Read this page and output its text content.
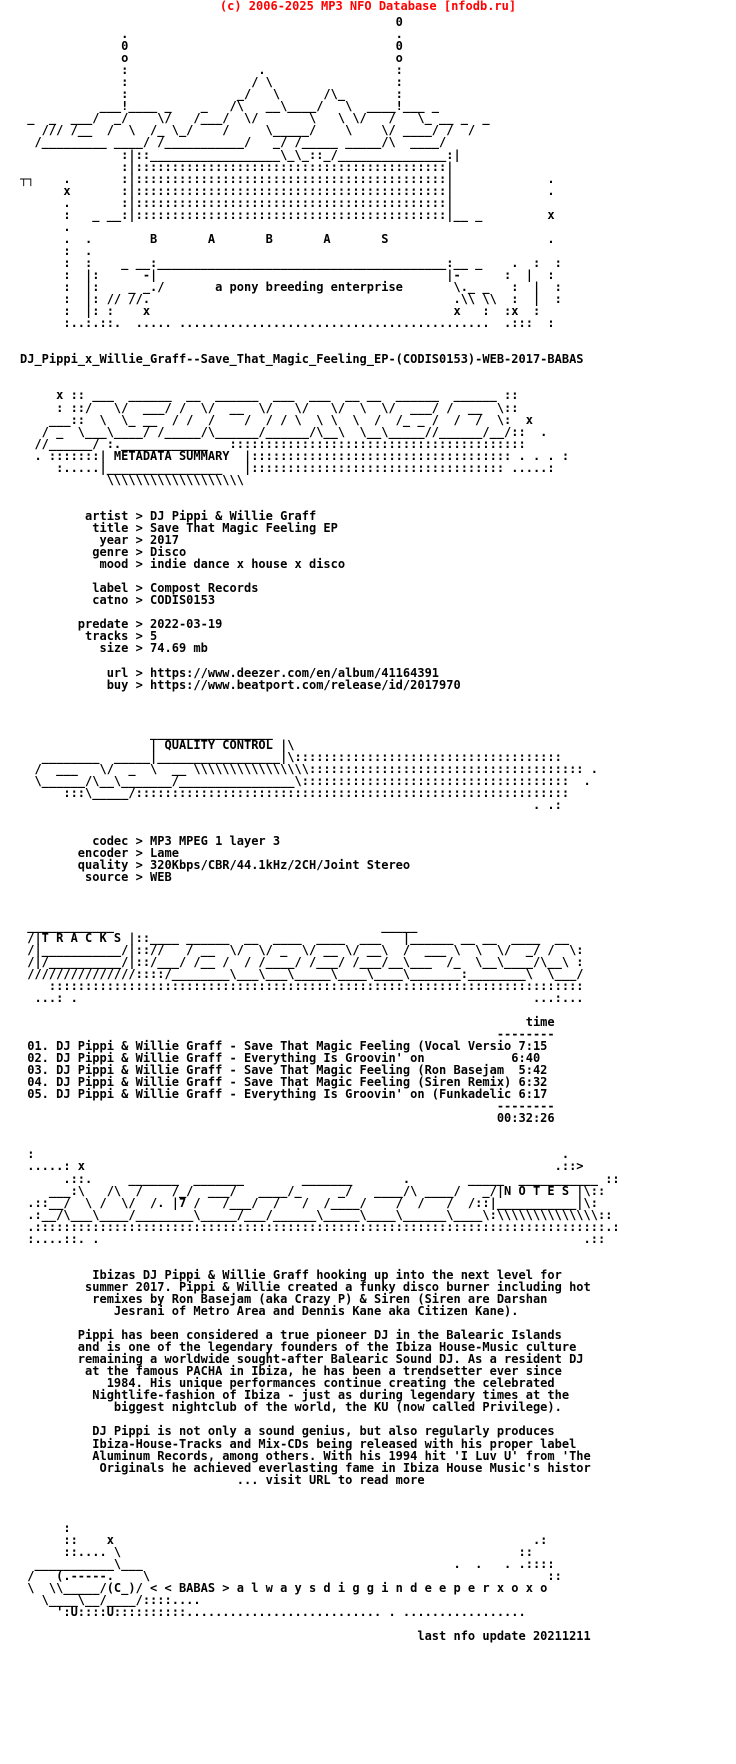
(c) 2006-2025 MP3 NFO Database [nfodb.ru]
0
.                                     .
0                                     0
o                                     o
:                  .                  :
:                 / \                 :
:               _/   \      /\_       :
___!____ _    _   /\   __\____/   \  ____!___ _
_  _  ___/  _/    \/   /___/  \/       \   \ \/   /   \_ __ _  _
/// /__  /  \  /_ \_/    /     \_____/    \    \/ ____/ /  /
/_________ ____/ /___________/   _/ /_____ _____/\  ____/
:|::__________________\_\_::_/_______________:|
:|:::::::::::::::::::::::::::::::::::::::::::|
┬┐    .       :|:::::::::::::::::::::::::::::::::::::::::::|             .
x       :|:::::::::::::::::::::::::::::::::::::::::::|             .
.       :|:::::::::::::::::::::::::::::::::::::::::::|
:   _ __:|:::::::::::::::::::::::::::::::::::::::::::|__ _         x
.
.  .        B       A       B       A       S                      .
:  .
:  :    _ __:________________________________________:__ _    .  :  :
:  |:      -|                                        |-      :  |  :
:  |:    _ _./       a pony breeding enterprise       \._ _   :  |  :
:  |: // //.                                          .\\ \\  :  |  :
:  |: :    x                                          x   :  :x  :
:..:.::.  ..... ...........................................  .:::  :

DJ_Pippi_x_Willie_Graff--Save_That_Magic_Feeling_EP-(CODIS0153)-WEB-2017-BABAS

x :: ___  ______  __  ______  ___  ___  __ __  ______  ______ ::
: ::/   \/  ___/ /  \/  __  \/   \/   \/  \  \/  ___/ /  __  \::
___::  \  \_ __  / /  /    /  / / \  \ \  \  /  /_ _ /  /  /  \:  x
/ _  \___\____/ /_____/\______/______/\__\  \__\_____//______/__/::  .
//______/ :.____________   :::::::::::::::::::::::::::::::::::::::::
. :::::::| METADATA SUMMARY  |:::::::::::::::::::::::::::::::::::: . . . :
:.....|________________   |::::::::::::::::::::::::::::::::::: .....:
\\\\\\\\\\\\\\\\\\\

artist > DJ Pippi & Willie Graff
title > Save That Magic Feeling EP
year > 2017
genre > Disco
mood > indie dance x house x disco

label > Compost Records
catno > CODIS0153

predate > 2022-03-19
tracks > 5
size > 74.69 mb

url > https://www.deezer.com/en/album/41164391
buy > https://www.beatport.com/release/id/2017970

_________________
| QUALITY CONTROL |\
________  _____|_________________|\:::::::::::::::::::::::::::::::::::::
/  ___   \/  _  \  __ \\\\\\\\\\\\\\\\:::::::::::::::::::::::::::::::::::::: .
\______/\__\_______/________________\:::::::::::::::::::::::::::::::::::::  .
:::\_____/::::::::::::::::::::::::::::::::::::::::::::::::::::::::::::
. .:

codec > MP3 MPEG 1 layer 3
encoder > Lame
quality > 320Kbps/CBR/44.1kHz/2CH/Joint Stereo
source > WEB

____________                                     _____
/|T R A C K S |::____ ______  __  ____  ____  ___   |______ __ __  ____  __
/|___________/|:://   / __  \/  \/ _  \/ __ \/ __\  /  ___ \  \  \/  _/ /  \:
/|/__________/|::/___/ /__ /  / /____/ /___/ /___/__\___  /_  \__\____/\__\ :
///////////////::::/________\___\___\_____\____\____\_______:________\  \___/
::::::::::::::::::::::::::::::::::::::::::::::::::::::::::::::::::::::::::
...: .                                                               ...:...

time
--------
01. DJ Pippi & Willie Graff - Save That Magic Feeling (Vocal Versio 7:15
02. DJ Pippi & Willie Graff - Everything Is Groovin' on            6:40
03. DJ Pippi & Willie Graff - Save That Magic Feeling (Ron Basejam  5:42
04. DJ Pippi & Willie Graff - Save That Magic Feeling (Siren Remix) 6:32
05. DJ Pippi & Willie Graff - Everything Is Groovin' on (Funkadelic 6:17
--------
00:32:26

:                                                                         .
.....: x                                                                 .::>
.::.     _______  _______        _______       .        _____  ___________ ::
___:\   /\  /    /_/  ___/   ____/_     _/   ____/\ ____/   _/|N O T E S |\::
.::__/  \ /  \/  /. |7 /   /___/  /   /  /____/    /  /   /  /::|___________|\:
.:__/\___\____/________\_____/___/______\_____\____\______\____\:\\\\\\\\\\\\\\::
.:::::::::::::::::::::::::::::::::::::::::::::::::::::::::::::::::::::::::::::::.:
:....::. .                                                                   .::

Ibizas DJ Pippi & Willie Graff hooking up into the next level for
summer 2017. Pippi & Willie created a funky disco burner including hot
remixes by Ron Basejam (aka Crazy P) & Siren (Siren are Darshan
Jesrani of Metro Area and Dennis Kane aka Citizen Kane).

Pippi has been considered a true pioneer DJ in the Balearic Islands
and is one of the legendary founders of the Ibiza House-Music culture
remaining a worldwide sought-after Balearic Sound DJ. As a resident DJ
at the famous PACHA in Ibiza, he has been a trendsetter ever since
1984. His unique performances continue creating the celebrated
Nightlife-fashion of Ibiza - just as during legendary times at the
biggest nightclub of the world, the KU (now called Privilege).

DJ Pippi is not only a sound genius, but also regularly produces
Ibiza-House-Tracks and Mix-CDs being released with his proper label
Aluminum Records, among others. With his 1994 hit 'I Luv U' from 'The
Originals he achieved everlasting fame in Ibiza House Music's histor
... visit URL to read more

:
::    x                                                          .:
::.... \                                                       ::
___________\___                                           .  .   . .::::
/   (.-----.    \                                                       ::
\  \\_____/(C_)/ < < BABAS > a l w a y s d i g g i n d e e p e r x o x o
\____\__/____/::::....
':U::::U::::::::::........................... . .................

last nfo update 20211211
